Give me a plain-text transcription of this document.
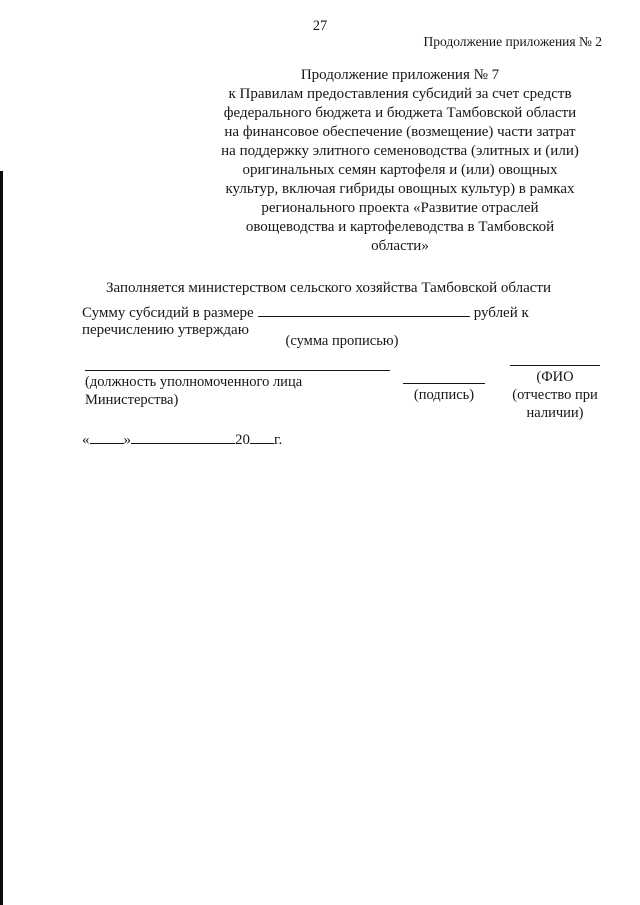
27
Продолжение приложения № 2
Продолжение приложения № 7
к Правилам предоставления субсидий за счет средств
федерального бюджета и бюджета Тамбовской области
на финансовое обеспечение (возмещение) части затрат
на поддержку элитного семеноводства (элитных и (или)
оригинальных семян картофеля и (или) овощных
культур, включая гибриды овощных культур) в рамках
регионального проекта «Развитие отраслей
овощеводства и картофелеводства в Тамбовской
области»
Заполняется министерством сельского хозяйства Тамбовской области
Сумму субсидий в размере	рублей к
перечислению утверждаю
(сумма прописью)
(должность уполномоченного лица Министерства)	(подпись)
(ФИО (отчество при наличии)
« »	20 г.
